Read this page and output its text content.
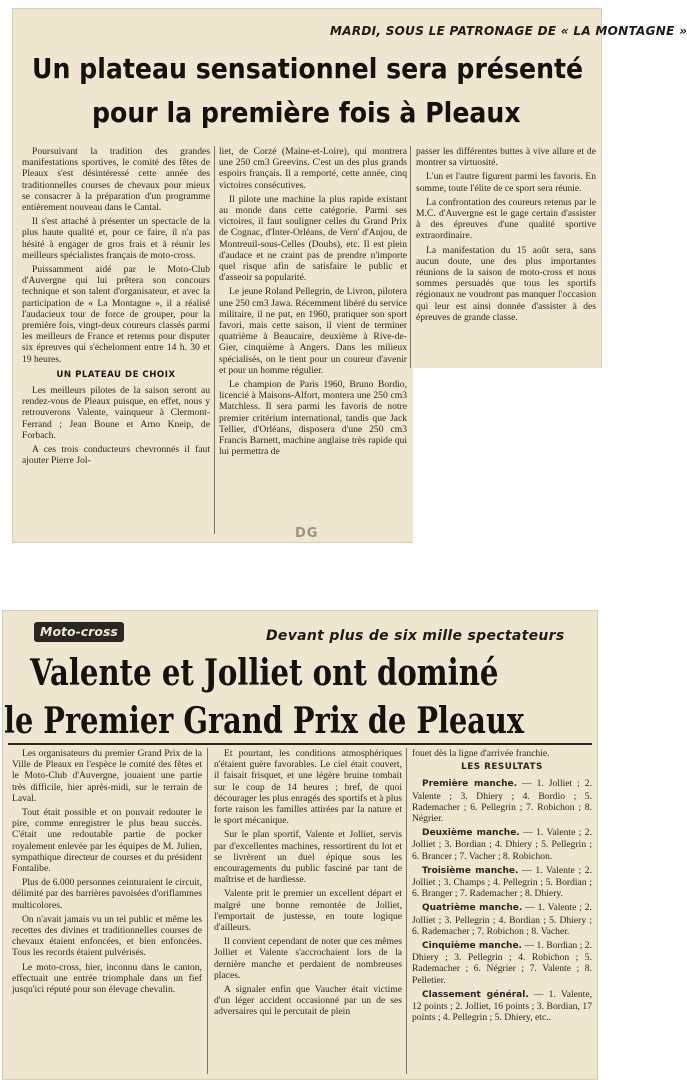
MARDI, SOUS LE PATRONAGE DE « LA MONTAGNE »
Un plateau sensationnel sera présenté
pour la première fois à Pleaux

Poursuivant la tradition des grandes manifestations sportives, le comité des fêtes de Pleaux s'est désintéressé cette année des traditionnelles courses de chevaux pour mieux se consacrer à la préparation d'un programme entièrement nouveau dans le Cantal.

Il s'est attaché à présenter un spectacle de la plus haute qualité et, pour ce faire, il n'a pas hésité à engager de gros frais et à réunir les meilleurs spécialistes français de moto-cross.

Puissamment aidé par le Moto-Club d'Auvergne qui lui prêtera son concours technique et son talent d'organisateur, et avec la participation de « La Montagne », il a réalisé l'audacieux tour de force de grouper, pour la première fois, vingt-deux coureurs classés parmi les meilleurs de France et retenus pour disputer six épreuves qui s'échelonnent entre 14 h. 30 et 19 heures.

UN PLATEAU DE CHOIX

Les meilleurs pilotes de la saison seront au rendez-vous de Pleaux puisque, en effet, nous y retrouverons Valente, vainqueur à Clermont-Ferrand ; Jean Boune et Arno Kneip, de Forbach.

A ces trois conducteurs chevronnés il faut ajouter Pierre Jol-

liet, de Corzé (Maine-et-Loire), qui montrera une 250 cm3 Greevins. C'est un des plus grands espoirs français. Il a remporté, cette année, cinq victoires consécutives.

Il pilote une machine la plus rapide existant au monde dans cette catégorie. Parmi ses victoires, il faut souligner celles du Grand Prix de Cognac, d'Inter-Orléans, de Vern' d'Anjou, de Montreuil-sous-Celles (Doubs), etc. Il est plein d'audace et ne craint pas de prendre n'importe quel risque afin de satisfaire le public et d'asseoir sa popularité.

Le jeune Roland Pellegrin, de Livron, pilotera une 250 cm3 Jawa. Récemment libéré du service militaire, il ne put, en 1960, pratiquer son sport favori, mais cette saison, il vient de terminer quatrième à Beaucaire, deuxième à Rive-de-Gier, cinquième à Angers. Dans les milieux spécialisés, on le tient pour un coureur d'avenir et pour un homme régulier.

Le champion de Paris 1960, Bruno Bordio, licencié à Maisons-Alfort, montera une 250 cm3 Matchless. Il sera parmi les favoris de notre premier critérium international, tandis que Jack Tellier, d'Orléans, disposera d'une 250 cm3 Francis Barnett, machine anglaise très rapide qui lui permettra de

passer les différentes buttes à vive allure et de montrer sa virtuosité.

L'un et l'autre figurent parmi les favoris. En somme, toute l'élite de ce sport sera réunie.

La confrontation des coureurs retenus par le M.C. d'Auvergne est le gage certain d'assister à des épreuves d'une qualité sportive extraordinaire.

La manifestation du 15 août sera, sans aucun doute, une des plus importantes réunions de la saison de moto-cross et nous sommes persuadés que tous les sportifs régionaux ne voudront pas manquer l'occasion qui leur est ainsi donnée d'assister à des épreuves de grande classe.

DG
Moto-cross	Devant plus de six mille spectateurs
Valente et Jolliet ont dominé
le Premier Grand Prix de Pleaux

Les organisateurs du premier Grand Prix de la Ville de Pleaux en l'espèce le comité des fêtes et le Moto-Club d'Auvergne, jouaient une partie très difficile, hier après-midi, sur le terrain de Laval.

Tout était possible et on pouvait redouter le pire, comme enregistrer le plus beau succès. C'était une redoutable partie de pocker royalement enlevée par les équipes de M. Julien, sympathique directeur de courses et du président Fontalibe.

Plus de 6.000 personnes ceinturaient le circuit, délimité par des barrières pavoisées d'oriflammes multicolores.

On n'avait jamais vu un tel public et même les recettes des divines et traditionnelles courses de chevaux étaient enfoncées, et bien enfoncées. Tous les records étaient pulvérisés.

Le moto-cross, hier, inconnu dans le canton, effectuait une entrée triomphale dans un fief jusqu'ici réputé pour son élevage chevalin.

Et pourtant, les conditions atmosphériques n'étaient guère favorables. Le ciel était couvert, il faisait frisquet, et une légère bruine tombait sur le coup de 14 heures ; bref, de quoi décourager les plus enragés des sportifs et à plus forte raison les familles attirées par la nature et le sport mécanique.

Sur le plan sportif, Valente et Jolliet, servis par d'excellentes machines, ressortirent du lot et se livrèrent un duel épique sous les encouragements du public fasciné par tant de maîtrise et de hardiesse.

Valente prit le premier un excellent départ et malgré une bonne remontée de Jolliet, l'emportait de justesse, en toute logique d'ailleurs.

Il convient cependant de noter que ces mêmes Jolliet et Valente s'accrochaient lors de la dernière manche et perdaient de nombreuses places.

A signaler enfin que Vaucher était victime d'un léger accident occasionné par un de ses adversaires qui le percutait de plein

fouet dès la ligne d'arrivée franchie.

LES RESULTATS

Première manche. — 1. Jolliet ; 2. Valente ; 3. Dhiery ; 4. Bordio ; 5. Rademacher ; 6. Pellegrin ; 7. Robichon ; 8. Négrier.

Deuxième manche. — 1. Valente ; 2. Jolliet ; 3. Bordian ; 4. Dhiery ; 5. Pellegrin ; 6. Brancer ; 7. Vacher ; 8. Robichon.

Troisième manche. — 1. Valente ; 2. Jolliet ; 3. Champs ; 4. Pellegrin ; 5. Bordian ; 6. Branger ; 7. Rademacher ; 8. Dhiery.

Quatrième manche. — 1. Valente ; 2. Jolliet ; 3. Pellegrin ; 4. Bordian ; 5. Dhiery ; 6. Rademacher ; 7. Robichon ; 8. Vacher.

Cinquième manche. — 1. Bordian ; 2. Dhiery ; 3. Pellegrin ; 4. Robichon ; 5. Rademacher ; 6. Négrier ; 7. Valente ; 8. Pelletier.

Classement général. — 1. Valente, 12 points ; 2. Jolliet, 16 points ; 3. Bordian, 17 points ; 4. Pellegrin ; 5. Dhiery, etc..
